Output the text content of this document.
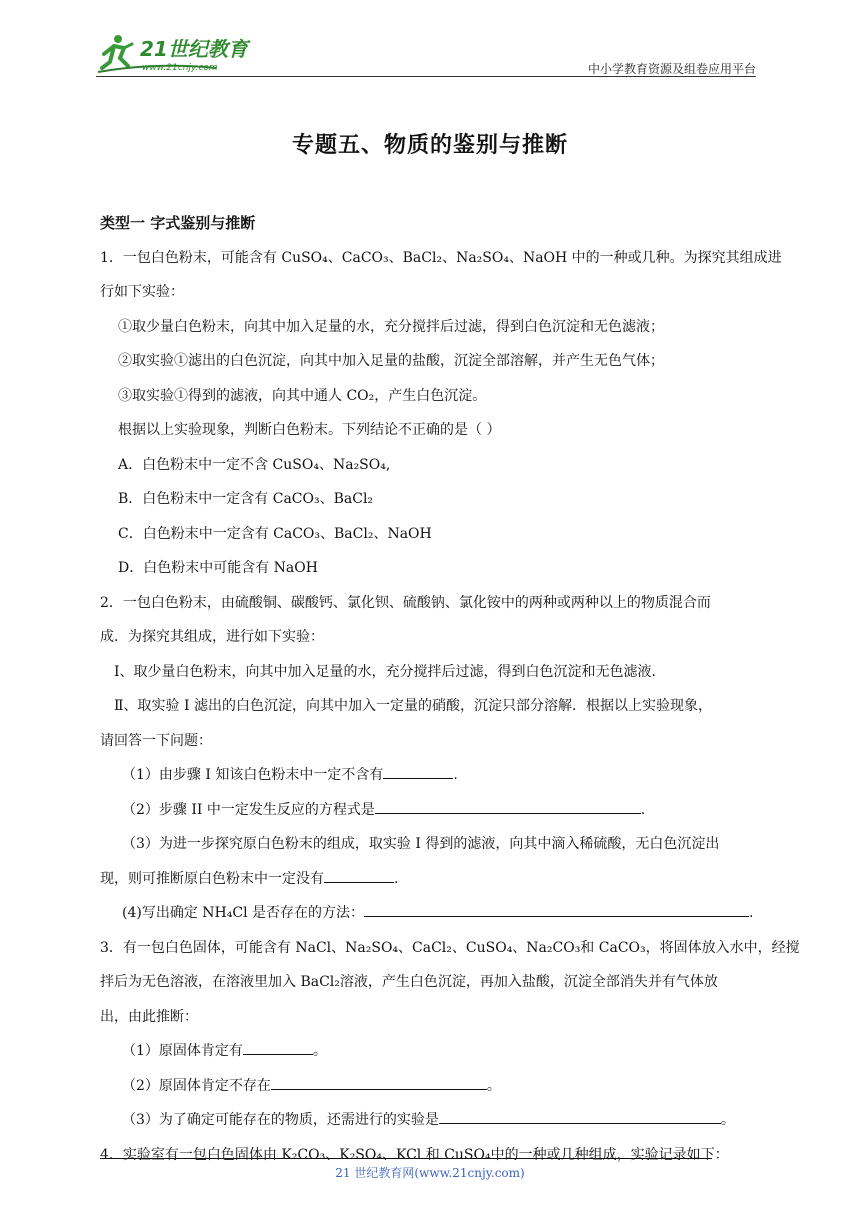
21世纪教育
www.21cnjy.com	中小学教育资源及组卷应用平台
专题五、物质的鉴别与推断

类型一 字式鉴别与推断

1．一包白色粉末，可能含有 CuSO₄、CaCO₃、BaCl₂、Na₂SO₄、NaOH 中的一种或几种。为探究其组成进

行如下实验：

①取少量白色粉末，向其中加入足量的水，充分搅拌后过滤，得到白色沉淀和无色滤液；

②取实验①滤出的白色沉淀，向其中加入足量的盐酸，沉淀全部溶解，并产生无色气体；

③取实验①得到的滤液，向其中通人 CO₂，产生白色沉淀。

根据以上实验现象，判断白色粉末。下列结论不正确的是（ ）

A．白色粉末中一定不含 CuSO₄、Na₂SO₄,

B．白色粉末中一定含有 CaCO₃、BaCl₂

C．白色粉末中一定含有 CaCO₃、BaCl₂、NaOH

D．白色粉末中可能含有 NaOH

2．一包白色粉末，由硫酸铜、碳酸钙、氯化钡、硫酸钠、氯化铵中的两种或两种以上的物质混合而

成．为探究其组成，进行如下实验：

Ⅰ、取少量白色粉末，向其中加入足量的水，充分搅拌后过滤，得到白色沉淀和无色滤液．

Ⅱ、取实验 I 滤出的白色沉淀，向其中加入一定量的硝酸，沉淀只部分溶解．根据以上实验现象，

请回答一下问题：

（1）由步骤 I 知该白色粉末中一定不含有	.

（2）步骤 II 中一定发生反应的方程式是	.

（3）为进一步探究原白色粉末的组成，取实验 I 得到的滤液，向其中滴入稀硫酸，无白色沉淀出

现，则可推断原白色粉末中一定没有	.

(4)写出确定 NH₄Cl 是否存在的方法：	.

3．有一包白色固体，可能含有 NaCl、Na₂SO₄、CaCl₂、CuSO₄、Na₂CO₃和 CaCO₃，将固体放入水中，经搅

拌后为无色溶液，在溶液里加入 BaCl₂溶液，产生白色沉淀，再加入盐酸，沉淀全部消失并有气体放

出，由此推断：

（1）原固体肯定有	。

（2）原固体肯定不存在	。

（3）为了确定可能存在的物质，还需进行的实验是	。

4．实验室有一包白色固体由 K₂CO₃、K₂SO₄、KCl 和 CuSO₄中的一种或几种组成，实验记录如下：

21 世纪教育网(www.21cnjy.com)
